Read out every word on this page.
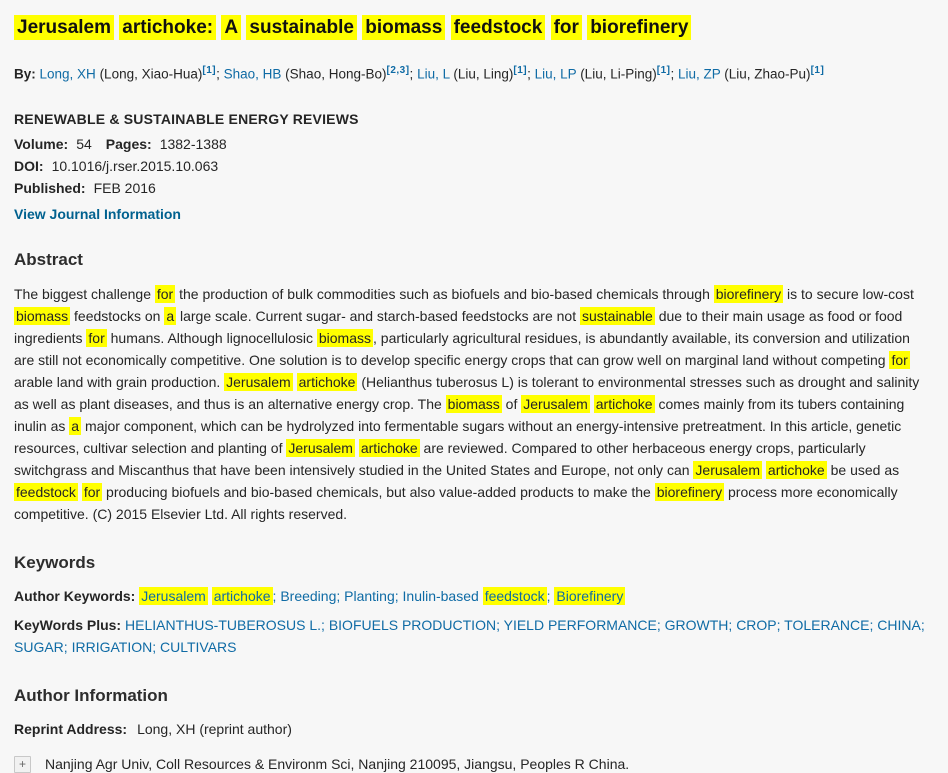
Jerusalem artichoke: A sustainable biomass feedstock for biorefinery

By: Long, XH (Long, Xiao-Hua)[1]; Shao, HB (Shao, Hong-Bo)[2,3]; Liu, L (Liu, Ling)[1]; Liu, LP (Liu, Li-Ping)[1]; Liu, ZP (Liu, Zhao-Pu)[1]

RENEWABLE & SUSTAINABLE ENERGY REVIEWS
Volume: 54 Pages: 1382-1388
DOI: 10.1016/j.rser.2015.10.063
Published: FEB 2016
View Journal Information
Abstract

The biggest challenge for the production of bulk commodities such as biofuels and bio-based chemicals through biorefinery is to secure low-cost biomass feedstocks on a large scale. Current sugar- and starch-based feedstocks are not sustainable due to their main usage as food or food ingredients for humans. Although lignocellulosic biomass , particularly agricultural residues, is abundantly available, its conversion and utilization are still not economically competitive. One solution is to develop specific energy crops that can grow well on marginal land without competing for arable land with grain production. Jerusalem artichoke (Helianthus tuberosus L) is tolerant to environmental stresses such as drought and salinity as well as plant diseases, and thus is an alternative energy crop. The biomass of Jerusalem artichoke comes mainly from its tubers containing inulin as a major component, which can be hydrolyzed into fermentable sugars without an energy-intensive pretreatment. In this article, genetic resources, cultivar selection and planting of Jerusalem artichoke are reviewed. Compared to other herbaceous energy crops, particularly switchgrass and Miscanthus that have been intensively studied in the United States and Europe, not only can Jerusalem artichoke be used as feedstock for producing biofuels and bio-based chemicals, but also value-added products to make the biorefinery process more economically competitive. (C) 2015 Elsevier Ltd. All rights reserved.

Keywords

Author Keywords: Jerusalem artichoke ; Breeding; Planting; Inulin-based feedstock ; Biorefinery

KeyWords Plus: HELIANTHUS-TUBEROSUS L.; BIOFUELS PRODUCTION; YIELD PERFORMANCE; GROWTH; CROP; TOLERANCE; CHINA; SUGAR; IRRIGATION; CULTIVARS

Author Information

Reprint Address: Long, XH (reprint author)

+	Nanjing Agr Univ, Coll Resources & Environm Sci, Nanjing 210095, Jiangsu, Peoples R China.
